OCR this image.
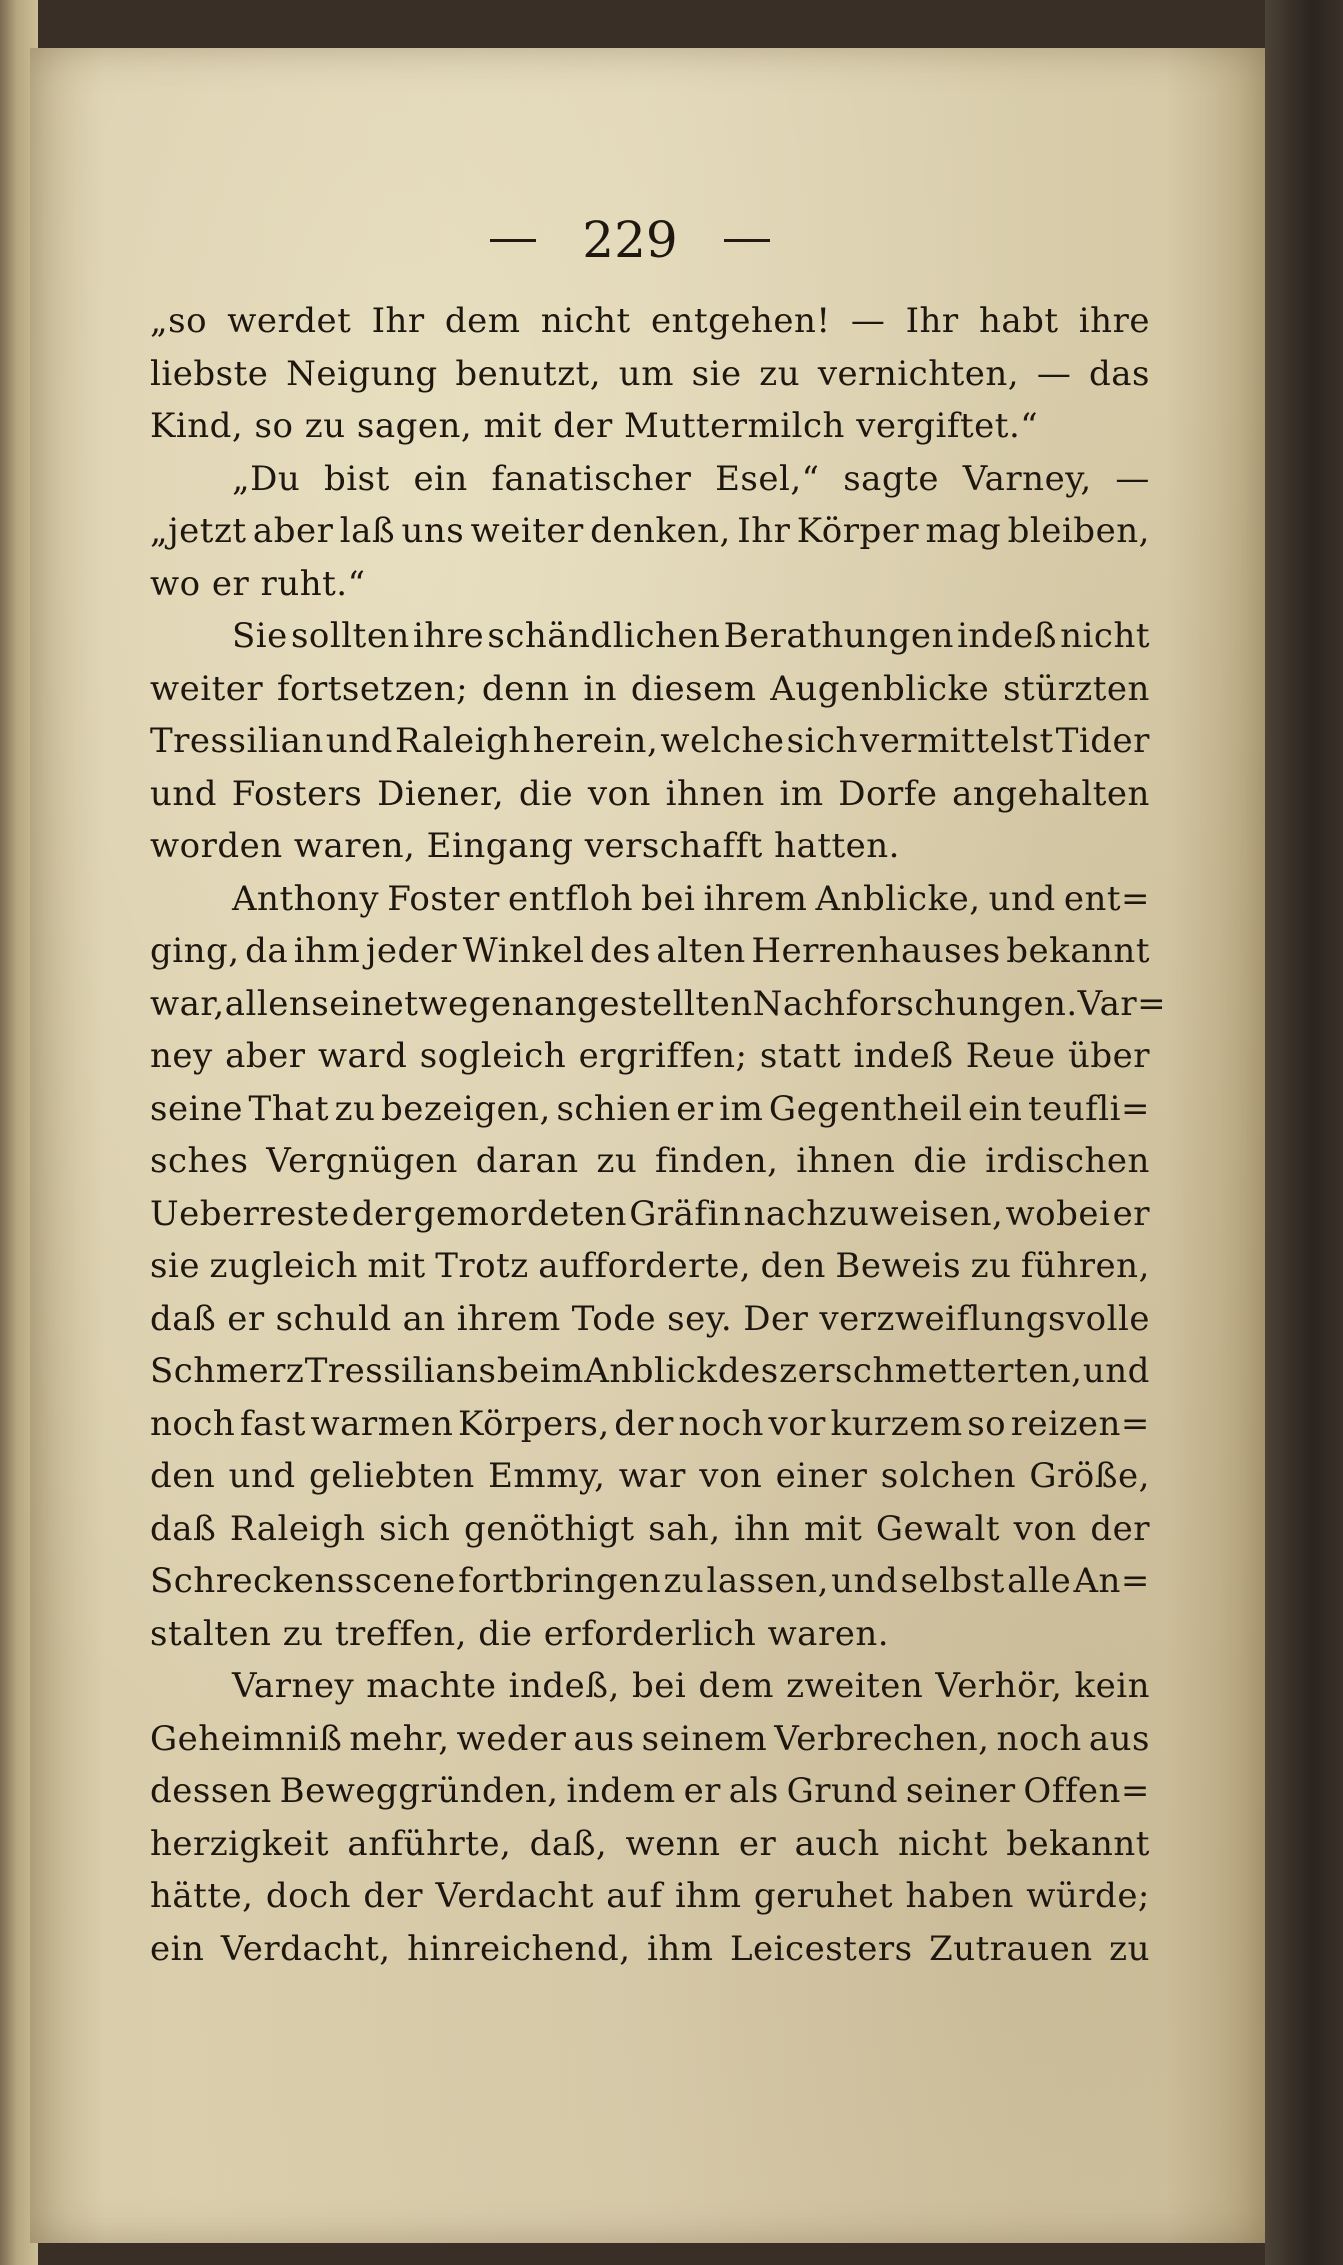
229
„so werdet Ihr dem nicht entgehen! — Ihr habt ihre
liebste Neigung benutzt, um sie zu vernichten, — das
Kind, so zu sagen, mit der Muttermilch vergiftet.“
„Du bist ein fanatischer Esel,“ sagte Varney, —
„jetzt aber laß uns weiter denken, Ihr Körper mag bleiben,
wo er ruht.“
Sie sollten ihre schändlichen Berathungen indeß nicht
weiter fortsetzen; denn in diesem Augenblicke stürzten
Tressilian und Raleigh herein, welche sich vermittelst Tider
und Fosters Diener, die von ihnen im Dorfe angehalten
worden waren, Eingang verschafft hatten.
Anthony Foster entfloh bei ihrem Anblicke, und ent=
ging, da ihm jeder Winkel des alten Herrenhauses bekannt
war, allen seinetwegen angestellten Nachforschungen. Var=
ney aber ward sogleich ergriffen; statt indeß Reue über
seine That zu bezeigen, schien er im Gegentheil ein teufli=
sches Vergnügen daran zu finden, ihnen die irdischen
Ueberreste der gemordeten Gräfin nachzuweisen, wobei er
sie zugleich mit Trotz aufforderte, den Beweis zu führen,
daß er schuld an ihrem Tode sey. Der verzweiflungsvolle
Schmerz Tressilians beim Anblick des zerschmetterten, und
noch fast warmen Körpers, der noch vor kurzem so reizen=
den und geliebten Emmy, war von einer solchen Größe,
daß Raleigh sich genöthigt sah, ihn mit Gewalt von der
Schreckensscene fortbringen zu lassen, und selbst alle An=
stalten zu treffen, die erforderlich waren.
Varney machte indeß, bei dem zweiten Verhör, kein
Geheimniß mehr, weder aus seinem Verbrechen, noch aus
dessen Beweggründen, indem er als Grund seiner Offen=
herzigkeit anführte, daß, wenn er auch nicht bekannt
hätte, doch der Verdacht auf ihm geruhet haben würde;
ein Verdacht, hinreichend, ihm Leicesters Zutrauen zu
